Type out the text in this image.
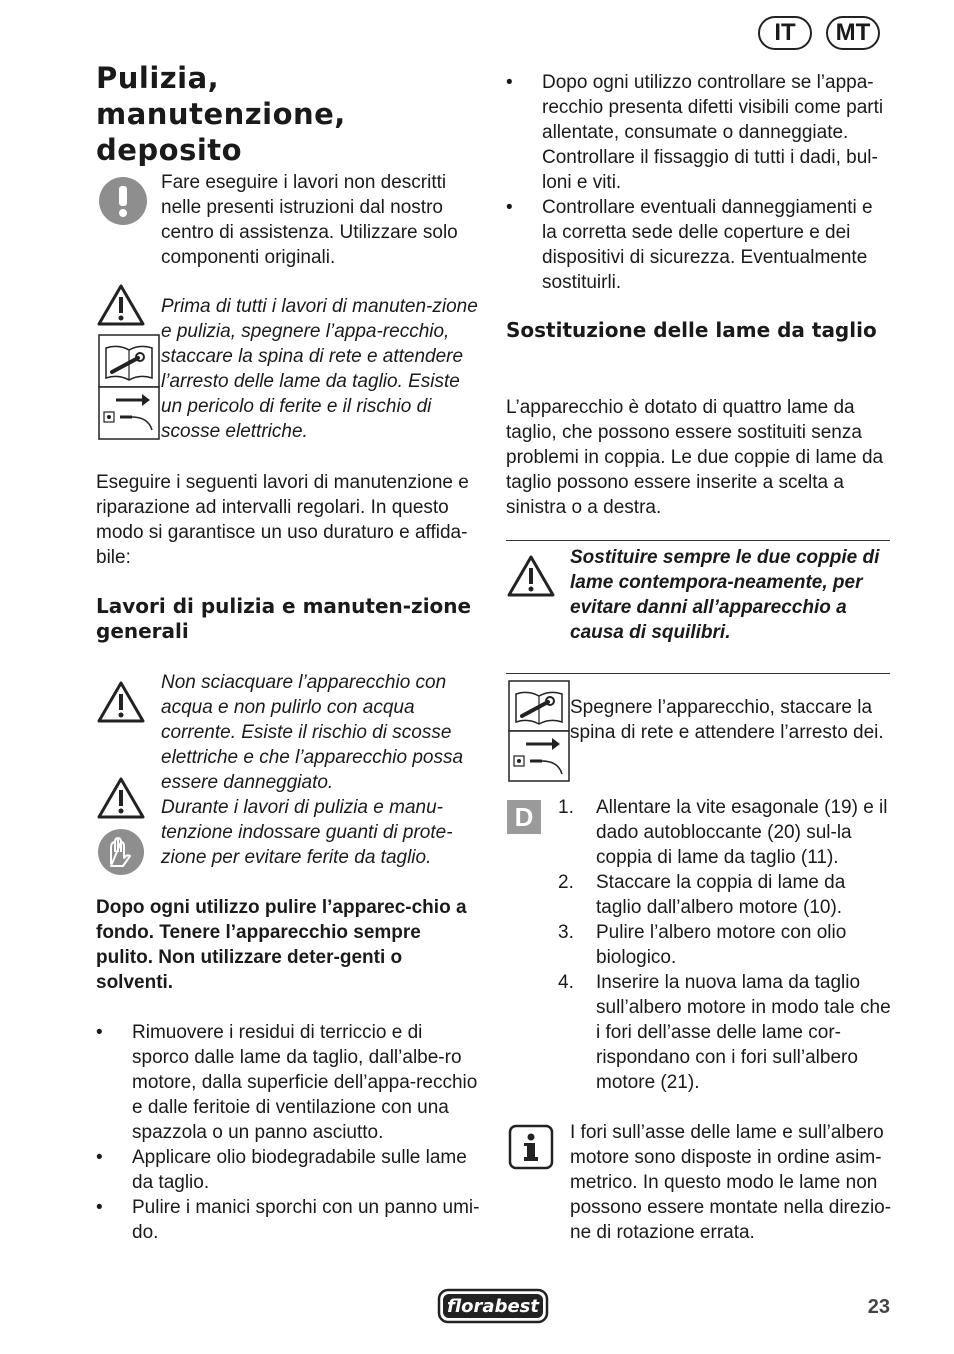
IT	MT
Pulizia,
manutenzione,
deposito
Fare eseguire i lavori non descritti nelle presenti istruzioni dal nostro centro di assistenza. Utilizzare solo componenti originali.
Prima di tutti i lavori di manuten-zione e pulizia, spegnere l’appa-recchio, staccare la spina di rete e attendere l’arresto delle lame da taglio. Esiste un pericolo di ferite e il rischio di scosse elettriche.
Eseguire i seguenti lavori di manutenzione e riparazione ad intervalli regolari. In questo modo si garantisce un uso duraturo e affida-bile:
Lavori di pulizia e manuten-zione generali
Non sciacquare l’apparecchio con acqua e non pulirlo con acqua corrente. Esiste il rischio di scosse elettriche e che l’apparecchio possa essere danneggiato.
Durante i lavori di pulizia e manu-tenzione indossare guanti di prote-zione per evitare ferite da taglio.
Dopo ogni utilizzo pulire l’apparec-chio a fondo. Tenere l’apparecchio sempre pulito. Non utilizzare deter-genti o solventi.
• Rimuovere i residui di terriccio e di sporco dalle lame da taglio, dall’albe-ro motore, dalla superficie dell’appa-recchio e dalle feritoie di ventilazione con una spazzola o un panno asciutto.
• Applicare olio biodegradabile sulle lame da taglio.
• Pulire i manici sporchi con un panno umi-do.
• Dopo ogni utilizzo controllare se l’appa-recchio presenta difetti visibili come parti allentate, consumate o danneggiate. Controllare il fissaggio di tutti i dadi, bul-loni e viti.
• Controllare eventuali danneggiamenti e la corretta sede delle coperture e dei dispositivi di sicurezza. Eventualmente sostituirli.
Sostituzione delle lame da taglio
L’apparecchio è dotato di quattro lame da taglio, che possono essere sostituiti senza problemi in coppia. Le due coppie di lame da taglio possono essere inserite a scelta a sinistra o a destra.
Sostituire sempre le due coppie di lame contempora-neamente, per evitare danni all’apparecchio a causa di squilibri.
Spegnere l’apparecchio, staccare la spina di rete e attendere l’arresto dei.
D	1. Allentare la vite esagonale (19) e il dado autobloccante (20) sul-la coppia di lame da taglio (11).
2. Staccare la coppia di lame da taglio dall’albero motore (10).
3. Pulire l’albero motore con olio biologico.
4. Inserire la nuova lama da taglio sull’albero motore in modo tale che i fori dell’asse delle lame cor-rispondano con i fori sull’albero motore (21).
I fori sull’asse delle lame e sull’albero motore sono disposte in ordine asim-metrico. In questo modo le lame non possono essere montate nella direzio-ne di rotazione errata.
florabest	23
